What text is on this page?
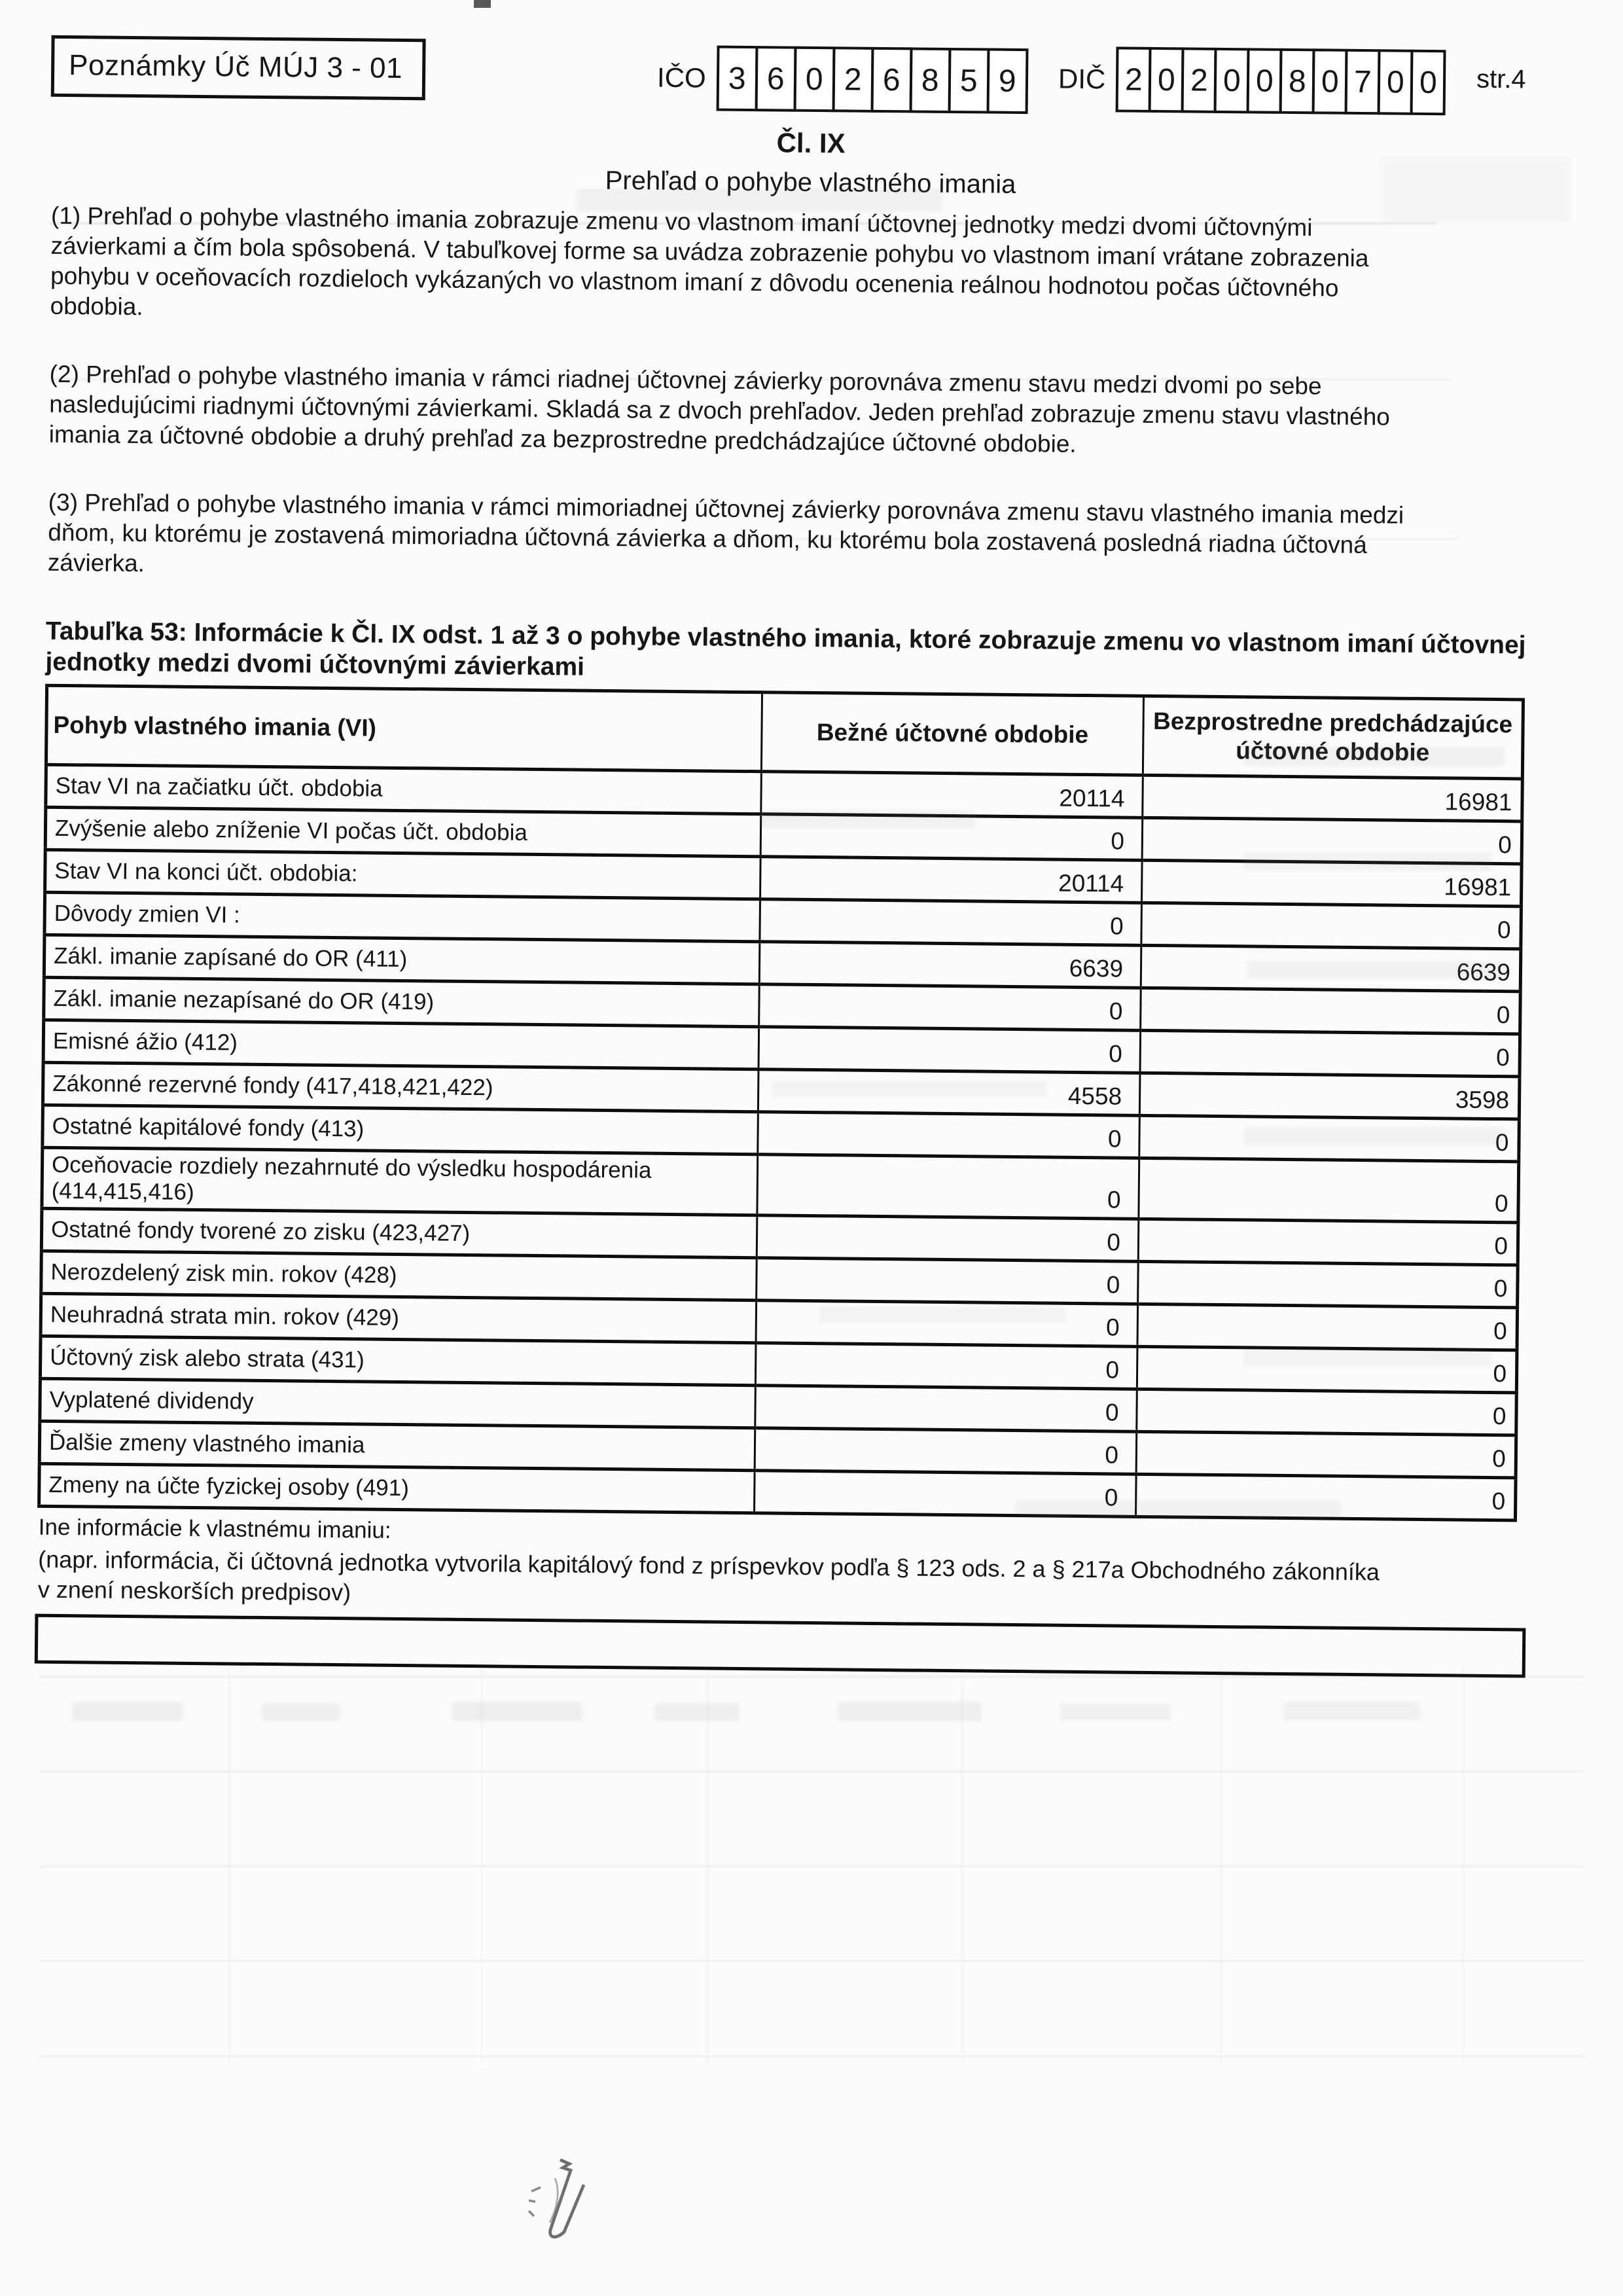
Poznámky Úč MÚJ 3 - 01	IČO 3 6 0 2 6 8 5 9	DIČ 2 0 2 0 0 8 0 7 0 0	str.4
Čl. IX
Prehľad o pohybe vlastného imania

(1) Prehľad o pohybe vlastného imania zobrazuje zmenu vo vlastnom imaní účtovnej jednotky medzi dvomi účtovnými závierkami a čím bola spôsobená. V tabuľkovej forme sa uvádza zobrazenie pohybu vo vlastnom imaní vrátane zobrazenia pohybu v oceňovacích rozdieloch vykázaných vo vlastnom imaní z dôvodu ocenenia reálnou hodnotou počas účtovného obdobia.

(2) Prehľad o pohybe vlastného imania v rámci riadnej účtovnej závierky porovnáva zmenu stavu medzi dvomi po sebe nasledujúcimi riadnymi účtovnými závierkami. Skladá sa z dvoch prehľadov. Jeden prehľad zobrazuje zmenu stavu vlastného imania za účtovné obdobie a druhý prehľad za bezprostredne predchádzajúce účtovné obdobie.

(3) Prehľad o pohybe vlastného imania v rámci mimoriadnej účtovnej závierky porovnáva zmenu stavu vlastného imania medzi dňom, ku ktorému je zostavená mimoriadna účtovná závierka a dňom, ku ktorému bola zostavená posledná riadna účtovná závierka.

Tabuľka 53: Informácie k Čl. IX odst. 1 až 3 o pohybe vlastného imania, ktoré zobrazuje zmenu vo vlastnom imaní účtovnej jednotky medzi dvomi účtovnými závierkami
Pohyb vlastného imania (VI)	Bežné účtovné obdobie	Bezprostredne predchádzajúce účtovné obdobie
Stav VI na začiatku účt. obdobia	20114	16981
Zvýšenie alebo zníženie VI počas účt. obdobia	0	0
Stav VI na konci účt. obdobia:	20114	16981
Dôvody zmien VI :	0	0
Zákl. imanie zapísané do OR (411)	6639	6639
Zákl. imanie nezapísané do OR (419)	0	0
Emisné ážio (412)	0	0
Zákonné rezervné fondy (417,418,421,422)	4558	3598
Ostatné kapitálové fondy (413)	0	0
Oceňovacie rozdiely nezahrnuté do výsledku hospodárenia (414,415,416)	0	0
Ostatné fondy tvorené zo zisku (423,427)	0	0
Nerozdelený zisk min. rokov (428)	0	0
Neuhradná strata min. rokov (429)	0	0
Účtovný zisk alebo strata (431)	0	0
Vyplatené dividendy	0	0
Ďalšie zmeny vlastného imania	0	0
Zmeny na účte fyzickej osoby (491)	0	0
Ine informácie k vlastnému imaniu:
(napr. informácia, či účtovná jednotka vytvorila kapitálový fond z príspevkov podľa § 123 ods. 2 a § 217a Obchodného zákonníka v znení neskorších predpisov)
